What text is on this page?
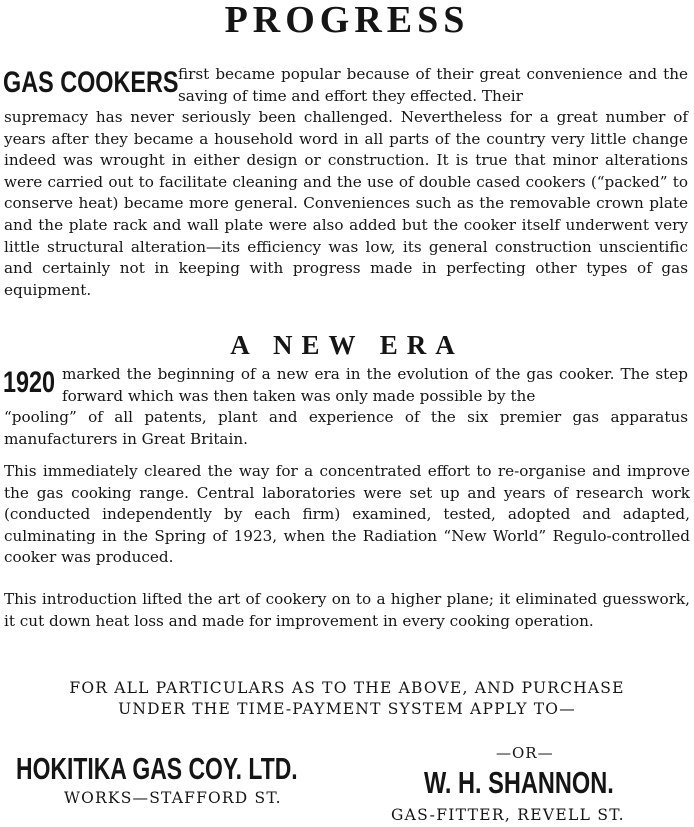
PROGRESS
GAS COOKERS first became popular because of their great convenience and the saving of time and effort they effected. Their

supremacy has never seriously been challenged. Nevertheless for a great number of years after they became a household word in all parts of the country very little change indeed was wrought in either design or construction. It is true that minor alterations were carried out to facilitate cleaning and the use of double cased cookers (“packed” to conserve heat) became more general. Conveniences such as the removable crown plate and the plate rack and wall plate were also added but the cooker itself underwent very little structural alteration—its efficiency was low, its general construction unscientific and certainly not in keeping with progress made in perfecting other types of gas equipment.

A NEW ERA
1920 marked the beginning of a new era in the evolution of the gas cooker. The step forward which was then taken was only made possible by the

“pooling” of all patents, plant and experience of the six premier gas apparatus manufacturers in Great Britain.

This immediately cleared the way for a concentrated effort to re-organise and improve the gas cooking range. Central laboratories were set up and years of research work (conducted independently by each firm) examined, tested, adopted and adapted, culminating in the Spring of 1923, when the Radiation “New World” Regulo-controlled cooker was produced.

This introduction lifted the art of cookery on to a higher plane; it eliminated guesswork, it cut down heat loss and made for improvement in every cooking operation.

FOR ALL PARTICULARS AS TO THE ABOVE, AND PURCHASE
UNDER THE TIME-PAYMENT SYSTEM APPLY TO—
HOKITIKA GAS COY. LTD.
WORKS—STAFFORD ST.
—OR—
W. H. SHANNON.
GAS-FITTER, REVELL ST.
